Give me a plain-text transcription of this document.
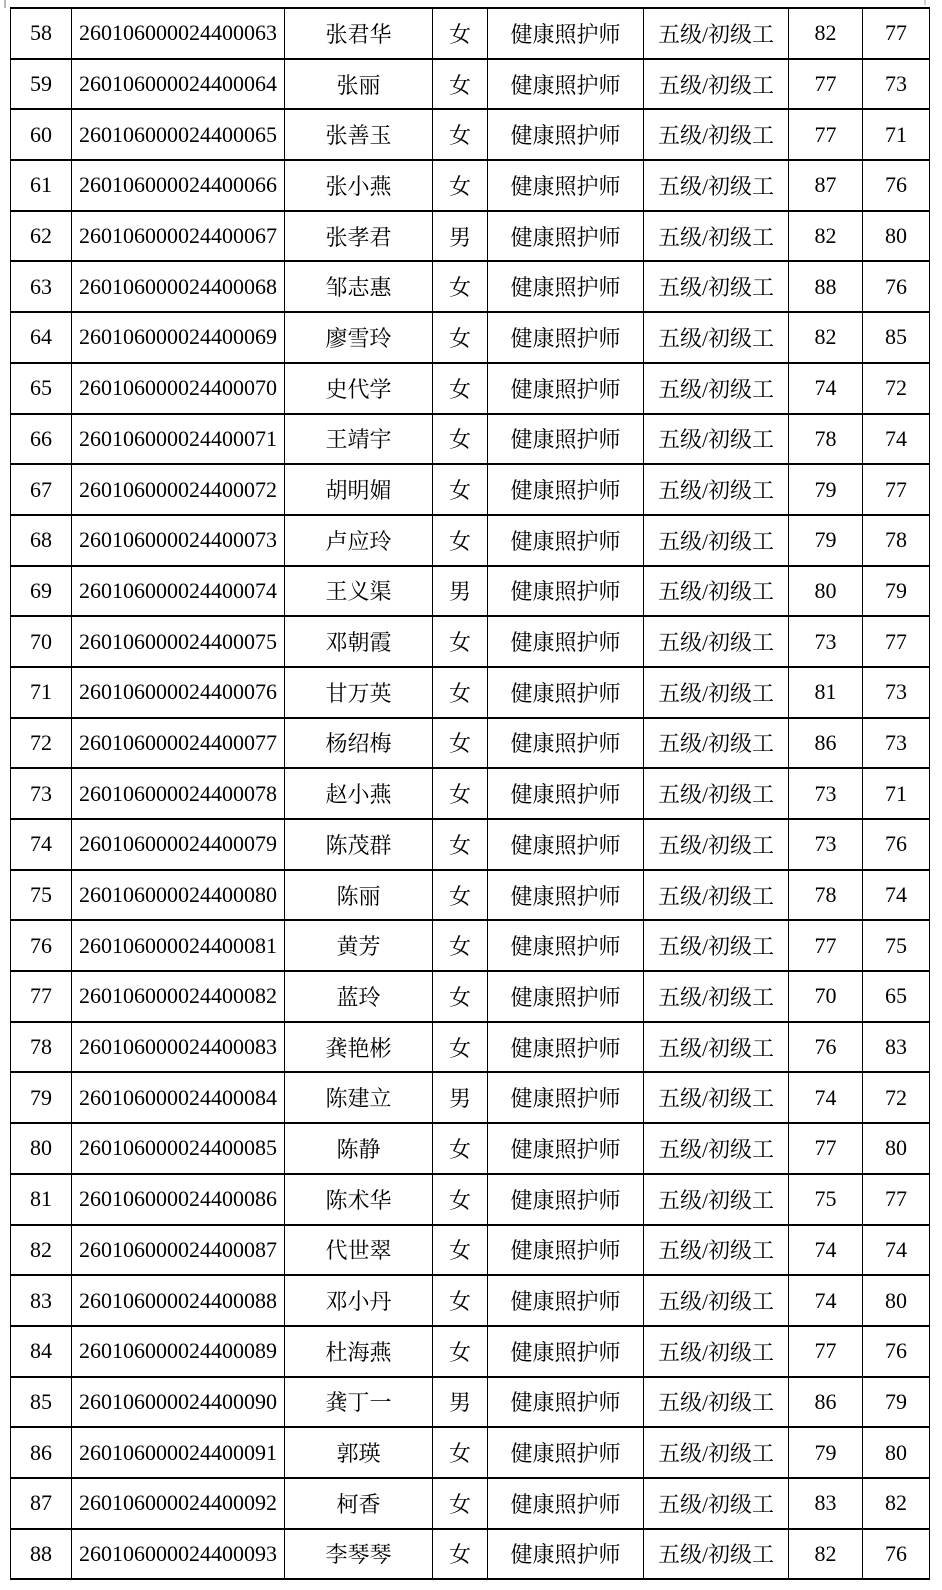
58	260106000024400063	张君华	女	健康照护师	五级/初级工	82	77
59	260106000024400064	张丽	女	健康照护师	五级/初级工	77	73
60	260106000024400065	张善玉	女	健康照护师	五级/初级工	77	71
61	260106000024400066	张小燕	女	健康照护师	五级/初级工	87	76
62	260106000024400067	张孝君	男	健康照护师	五级/初级工	82	80
63	260106000024400068	邹志惠	女	健康照护师	五级/初级工	88	76
64	260106000024400069	廖雪玲	女	健康照护师	五级/初级工	82	85
65	260106000024400070	史代学	女	健康照护师	五级/初级工	74	72
66	260106000024400071	王靖宇	女	健康照护师	五级/初级工	78	74
67	260106000024400072	胡明媚	女	健康照护师	五级/初级工	79	77
68	260106000024400073	卢应玲	女	健康照护师	五级/初级工	79	78
69	260106000024400074	王义渠	男	健康照护师	五级/初级工	80	79
70	260106000024400075	邓朝霞	女	健康照护师	五级/初级工	73	77
71	260106000024400076	甘万英	女	健康照护师	五级/初级工	81	73
72	260106000024400077	杨绍梅	女	健康照护师	五级/初级工	86	73
73	260106000024400078	赵小燕	女	健康照护师	五级/初级工	73	71
74	260106000024400079	陈茂群	女	健康照护师	五级/初级工	73	76
75	260106000024400080	陈丽	女	健康照护师	五级/初级工	78	74
76	260106000024400081	黄芳	女	健康照护师	五级/初级工	77	75
77	260106000024400082	蓝玲	女	健康照护师	五级/初级工	70	65
78	260106000024400083	龚艳彬	女	健康照护师	五级/初级工	76	83
79	260106000024400084	陈建立	男	健康照护师	五级/初级工	74	72
80	260106000024400085	陈静	女	健康照护师	五级/初级工	77	80
81	260106000024400086	陈术华	女	健康照护师	五级/初级工	75	77
82	260106000024400087	代世翠	女	健康照护师	五级/初级工	74	74
83	260106000024400088	邓小丹	女	健康照护师	五级/初级工	74	80
84	260106000024400089	杜海燕	女	健康照护师	五级/初级工	77	76
85	260106000024400090	龚丁一	男	健康照护师	五级/初级工	86	79
86	260106000024400091	郭瑛	女	健康照护师	五级/初级工	79	80
87	260106000024400092	柯香	女	健康照护师	五级/初级工	83	82
88	260106000024400093	李琴琴	女	健康照护师	五级/初级工	82	76
